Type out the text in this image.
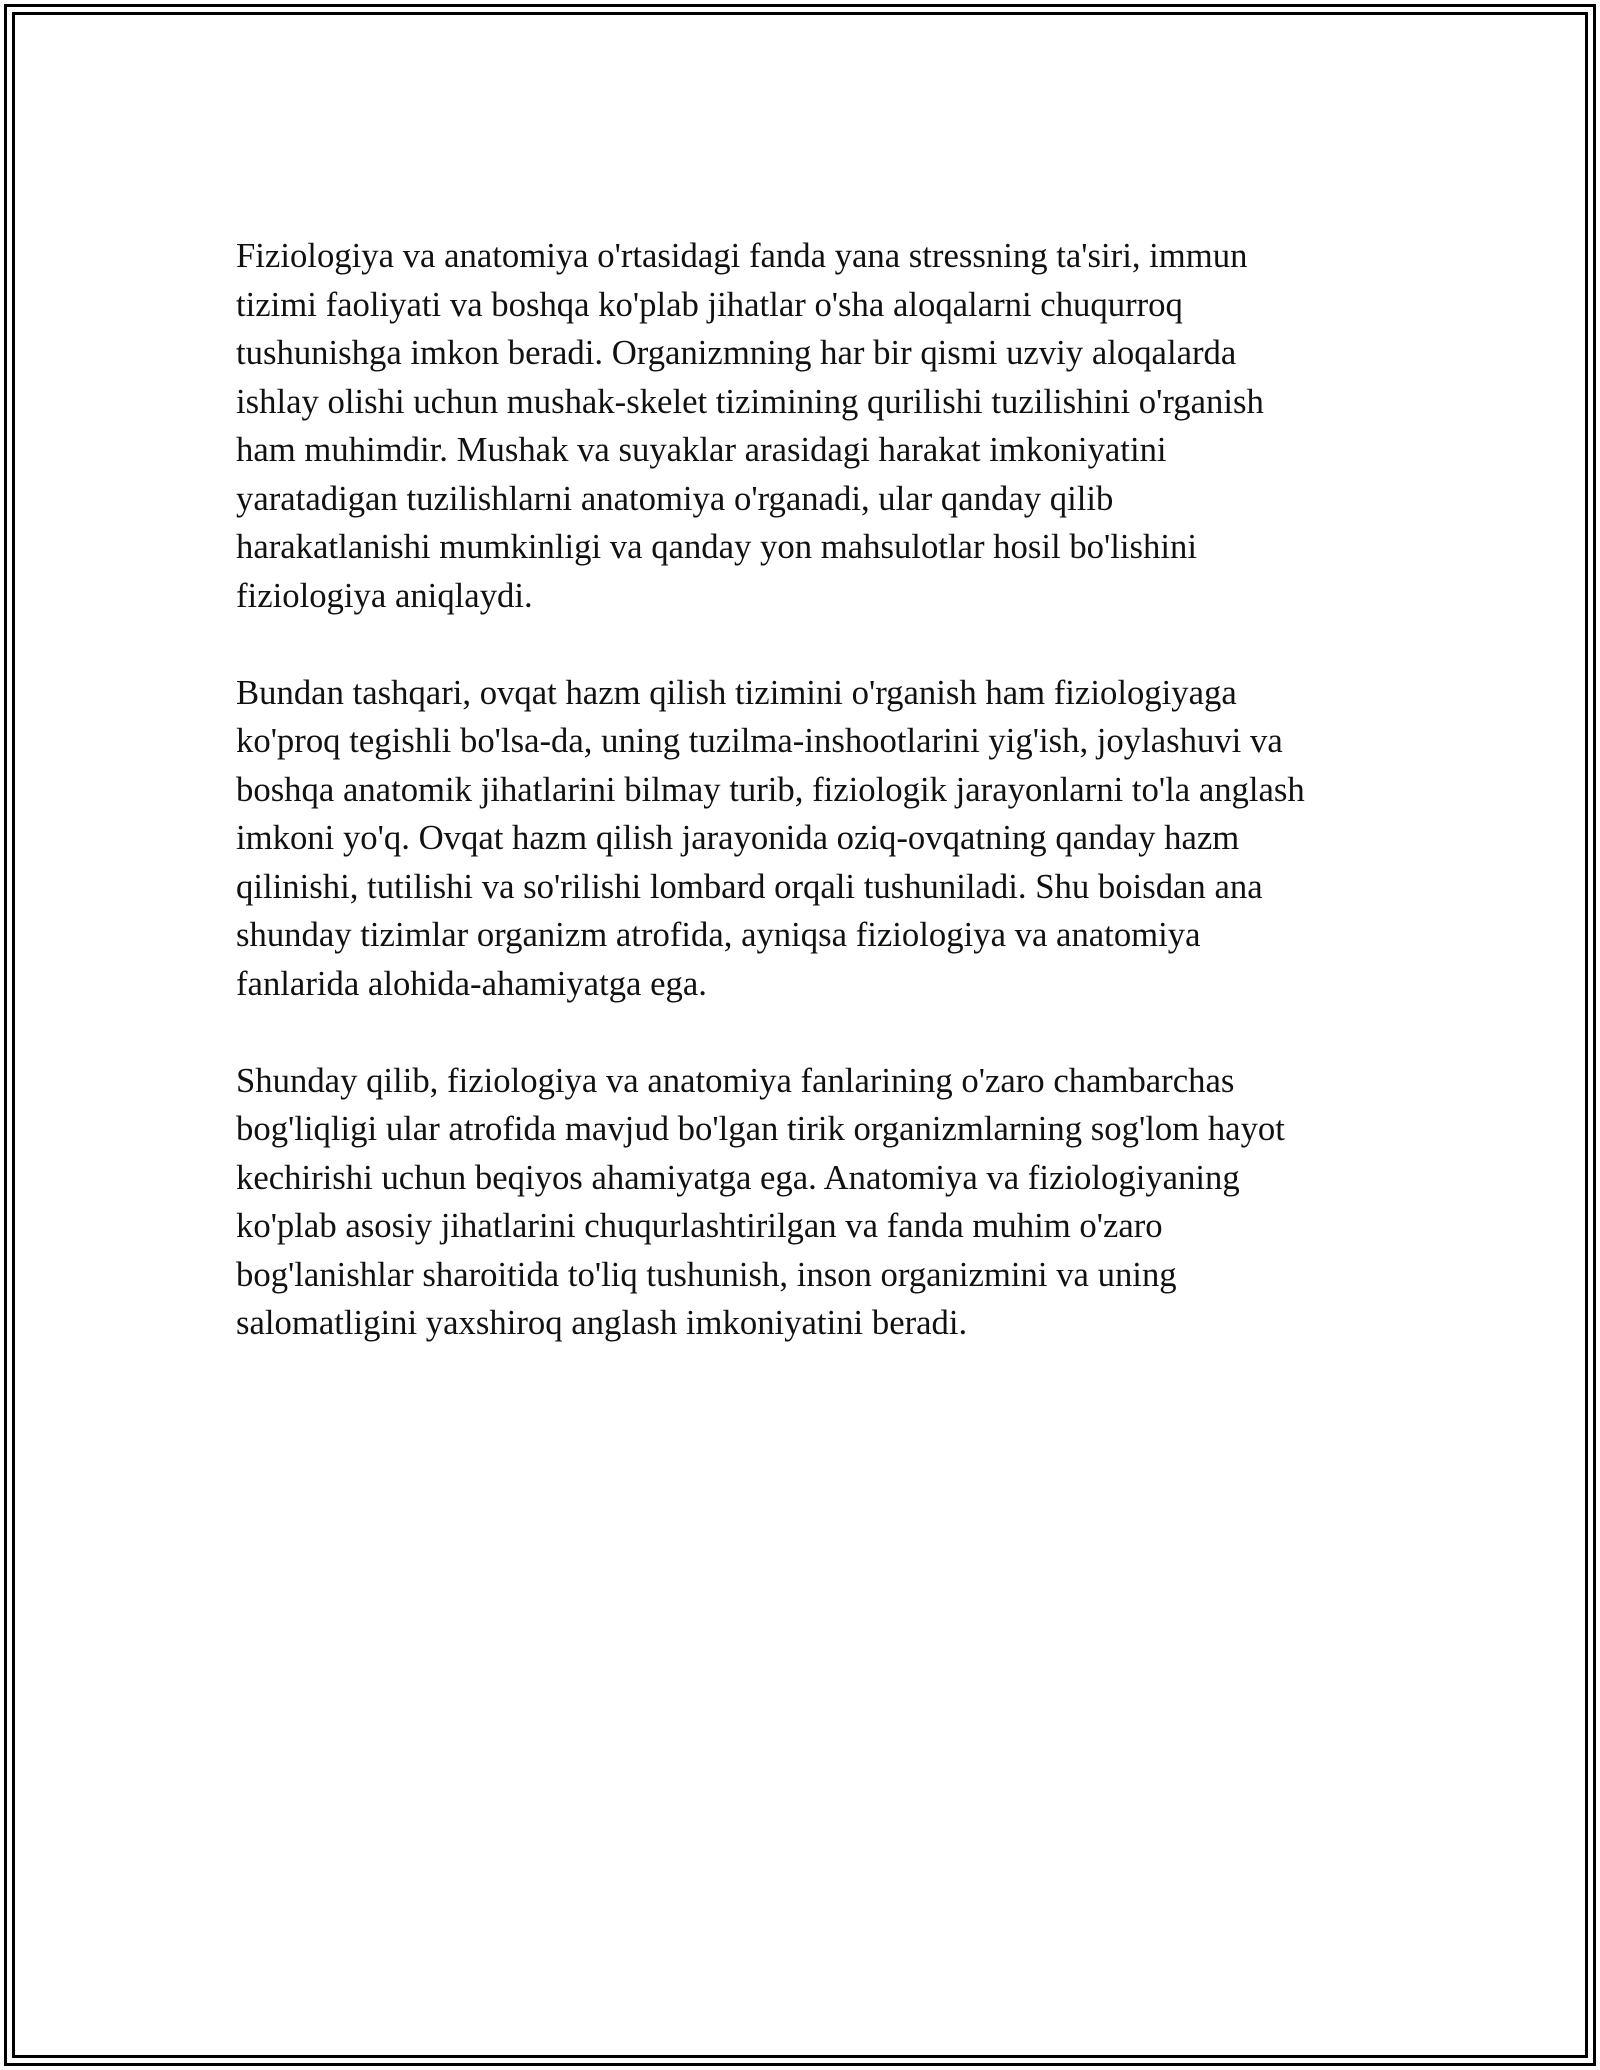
Fiziologiya va anatomiya o'rtasidagi fanda yana stressning ta'siri, immun
tizimi faoliyati va boshqa ko'plab jihatlar o'sha aloqalarni chuqurroq
tushunishga imkon beradi. Organizmning har bir qismi uzviy aloqalarda
ishlay olishi uchun mushak-skelet tizimining qurilishi tuzilishini o'rganish
ham muhimdir. Mushak va suyaklar arasidagi harakat imkoniyatini
yaratadigan tuzilishlarni anatomiya o'rganadi, ular qanday qilib
harakatlanishi mumkinligi va qanday yon mahsulotlar hosil bo'lishini
fiziologiya aniqlaydi.

Bundan tashqari, ovqat hazm qilish tizimini o'rganish ham fiziologiyaga
ko'proq tegishli bo'lsa-da, uning tuzilma-inshootlarini yig'ish, joylashuvi va
boshqa anatomik jihatlarini bilmay turib, fiziologik jarayonlarni to'la anglash
imkoni yo'q. Ovqat hazm qilish jarayonida oziq-ovqatning qanday hazm
qilinishi, tutilishi va so'rilishi lombard orqali tushuniladi. Shu boisdan ana
shunday tizimlar organizm atrofida, ayniqsa fiziologiya va anatomiya
fanlarida alohida-ahamiyatga ega.

Shunday qilib, fiziologiya va anatomiya fanlarining o'zaro chambarchas
bog'liqligi ular atrofida mavjud bo'lgan tirik organizmlarning sog'lom hayot
kechirishi uchun beqiyos ahamiyatga ega. Anatomiya va fiziologiyaning
ko'plab asosiy jihatlarini chuqurlashtirilgan va fanda muhim o'zaro
bog'lanishlar sharoitida to'liq tushunish, inson organizmini va uning
salomatligini yaxshiroq anglash imkoniyatini beradi.
